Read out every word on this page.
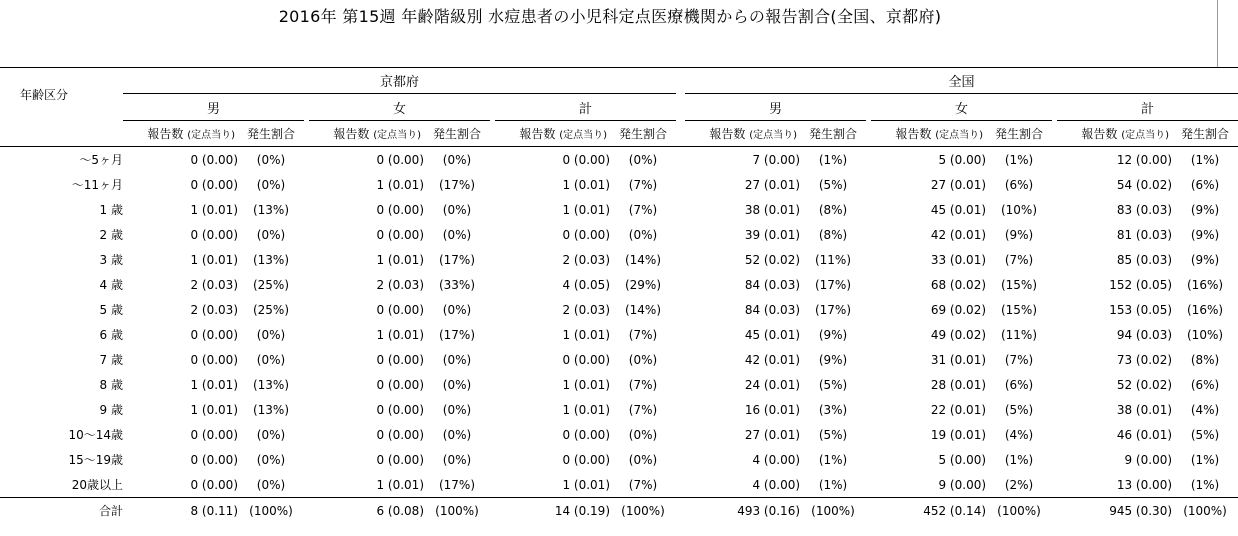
2016年 第15週 年齢階級別 水痘患者の小児科定点医療機関からの報告割合(全国、京都府)
年齢区分	京都府									全国							
	男			女			計			男			女			計	
	報告数 (定点当り)	発生割合		報告数 (定点当り)	発生割合		報告数 (定点当り)	発生割合		報告数 (定点当り)	発生割合		報告数 (定点当り)	発生割合		報告数 (定点当り)	発生割合
～5ヶ月	0 (0.00)	(0%)		0 (0.00)	(0%)		0 (0.00)	(0%)		7 (0.00)	(1%)		5 (0.00)	(1%)		12 (0.00)	(1%)
～11ヶ月	0 (0.00)	(0%)		1 (0.01)	(17%)		1 (0.01)	(7%)		27 (0.01)	(5%)		27 (0.01)	(6%)		54 (0.02)	(6%)
1 歳	1 (0.01)	(13%)		0 (0.00)	(0%)		1 (0.01)	(7%)		38 (0.01)	(8%)		45 (0.01)	(10%)		83 (0.03)	(9%)
2 歳	0 (0.00)	(0%)		0 (0.00)	(0%)		0 (0.00)	(0%)		39 (0.01)	(8%)		42 (0.01)	(9%)		81 (0.03)	(9%)
3 歳	1 (0.01)	(13%)		1 (0.01)	(17%)		2 (0.03)	(14%)		52 (0.02)	(11%)		33 (0.01)	(7%)		85 (0.03)	(9%)
4 歳	2 (0.03)	(25%)		2 (0.03)	(33%)		4 (0.05)	(29%)		84 (0.03)	(17%)		68 (0.02)	(15%)		152 (0.05)	(16%)
5 歳	2 (0.03)	(25%)		0 (0.00)	(0%)		2 (0.03)	(14%)		84 (0.03)	(17%)		69 (0.02)	(15%)		153 (0.05)	(16%)
6 歳	0 (0.00)	(0%)		1 (0.01)	(17%)		1 (0.01)	(7%)		45 (0.01)	(9%)		49 (0.02)	(11%)		94 (0.03)	(10%)
7 歳	0 (0.00)	(0%)		0 (0.00)	(0%)		0 (0.00)	(0%)		42 (0.01)	(9%)		31 (0.01)	(7%)		73 (0.02)	(8%)
8 歳	1 (0.01)	(13%)		0 (0.00)	(0%)		1 (0.01)	(7%)		24 (0.01)	(5%)		28 (0.01)	(6%)		52 (0.02)	(6%)
9 歳	1 (0.01)	(13%)		0 (0.00)	(0%)		1 (0.01)	(7%)		16 (0.01)	(3%)		22 (0.01)	(5%)		38 (0.01)	(4%)
10～14歳	0 (0.00)	(0%)		0 (0.00)	(0%)		0 (0.00)	(0%)		27 (0.01)	(5%)		19 (0.01)	(4%)		46 (0.01)	(5%)
15～19歳	0 (0.00)	(0%)		0 (0.00)	(0%)		0 (0.00)	(0%)		4 (0.00)	(1%)		5 (0.00)	(1%)		9 (0.00)	(1%)
20歳以上	0 (0.00)	(0%)		1 (0.01)	(17%)		1 (0.01)	(7%)		4 (0.00)	(1%)		9 (0.00)	(2%)		13 (0.00)	(1%)
合計	8 (0.11)	(100%)		6 (0.08)	(100%)		14 (0.19)	(100%)		493 (0.16)	(100%)		452 (0.14)	(100%)		945 (0.30)	(100%)
